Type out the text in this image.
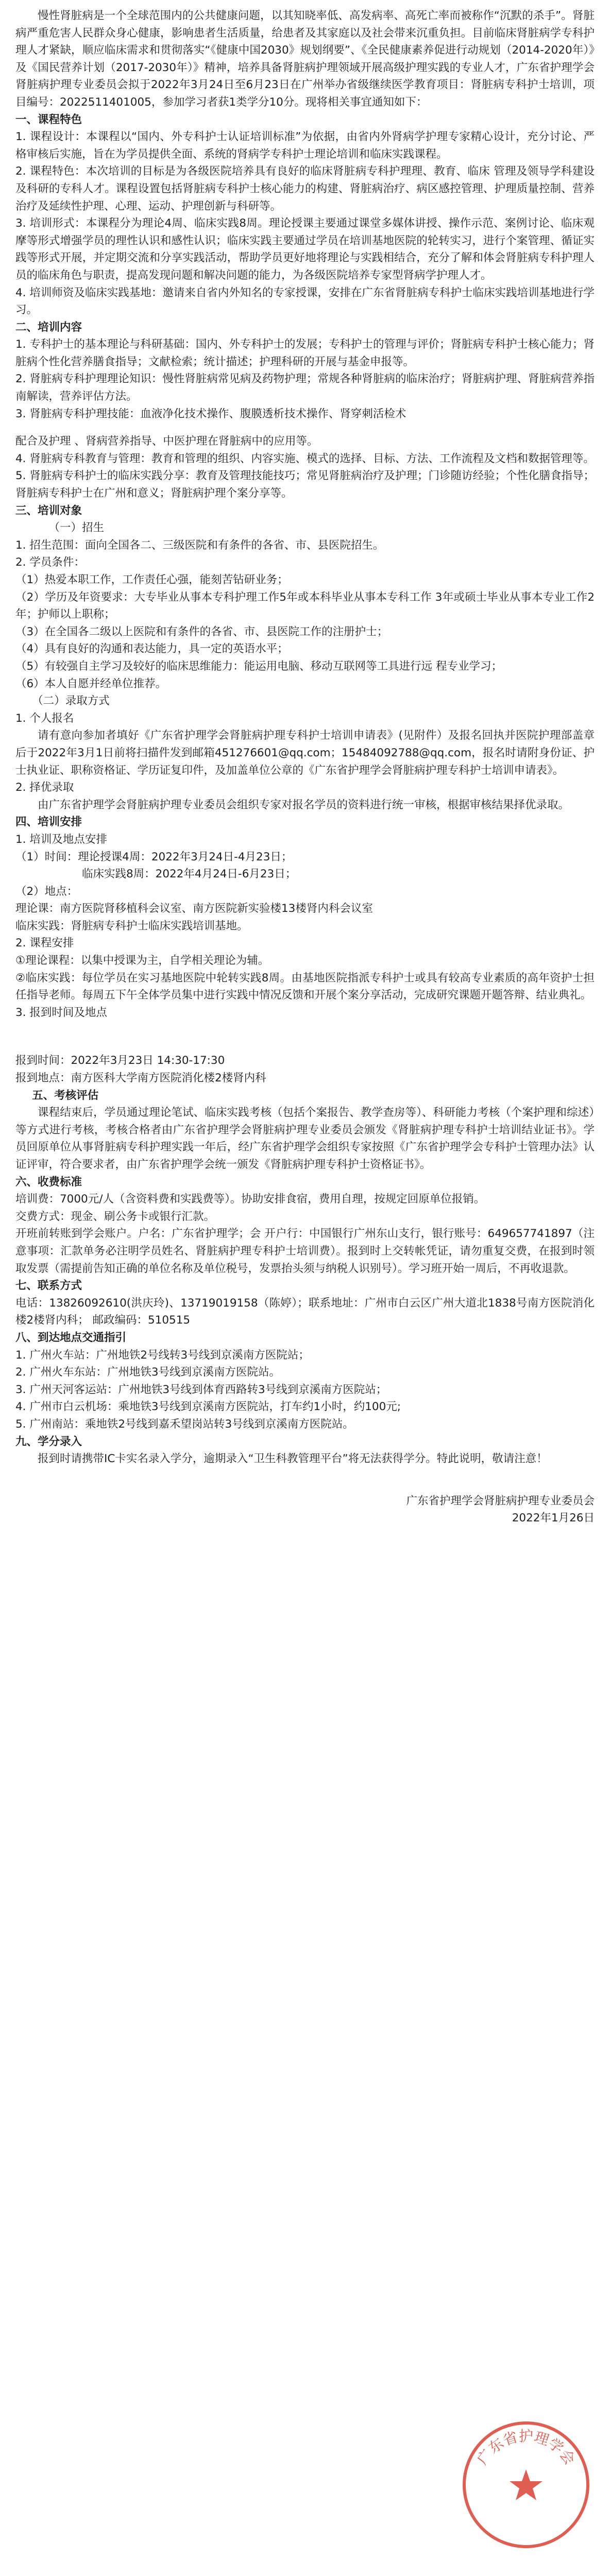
慢性肾脏病是一个全球范围内的公共健康问题，以其知晓率低、高发病率、高死亡率而被称作“沉默的杀手”。肾脏病严重危害人民群众身心健康，影响患者生活质量，给患者及其家庭以及社会带来沉重负担。目前临床肾脏病学专科护理人才紧缺，顺应临床需求和贯彻落实“《健康中国2030》规划纲要”、《全民健康素养促进行动规划（2014-2020年）》及《国民营养计划（2017-2030年）》精神，培养具备肾脏病护理领域开展高级护理实践的专业人才，广东省护理学会肾脏病护理专业委员会拟于2022年3月24日至6月23日在广州举办省级继续医学教育项目：肾脏病专科护士培训，项目编号：2022511401005，参加学习者获1类学分10分。现将相关事宜通知如下：

一、课程特色

1. 课程设计：本课程以“国内、外专科护士认证培训标准”为依据，由省内外肾病学护理专家精心设计，充分讨论、严格审核后实施，旨在为学员提供全面、系统的肾病学专科护士理论培训和临床实践课程。

2. 课程特色：本次培训的目标是为各级医院培养具有良好的临床肾脏病专科护理理、教育、临床 管理及领导学科建设及科研的专科人才。课程设置包括肾脏病专科护士核心能力的构建、肾脏病治疗、病区感控管理、护理质量控制、营养治疗及延续性护理、心理、运动、护理创新与科研等。

3. 培训形式：本课程分为理论4周、临床实践8周。理论授课主要通过课堂多媒体讲授、操作示范、案例讨论、临床观摩等形式增强学员的理性认识和感性认识；临床实践主要通过学员在培训基地医院的轮转实习，进行个案管理、循证实践等形式开展，并定期交流和分享实践活动，帮助学员更好地将理论与实践相结合，充分了解和体会肾脏病专科护理人员的临床角色与职责，提高发现问题和解决问题的能力，为各级医院培养专家型肾病学护理人才。

4. 培训师资及临床实践基地：邀请来自省内外知名的专家授课，安排在广东省肾脏病专科护士临床实践培训基地进行学习。

二、培训内容

1. 专科护士的基本理论与科研基础：国内、外专科护士的发展；专科护士的管理与评价；肾脏病专科护士核心能力；肾脏病个性化营养膳食指导；文献检索；统计描述；护理科研的开展与基金申报等。

2. 肾脏病专科护理理论知识：慢性肾脏病常见病及药物护理；常规各种肾脏病的临床治疗；肾脏病护理、肾脏病营养指南解读，营养评估方法。

3. 肾脏病专科护理技能：血液净化技术操作、腹膜透析技术操作、肾穿刺活检术

配合及护理 、肾病营养指导、中医护理在肾脏病中的应用等。

4. 肾脏病专科教育与管理：教育和管理的组织、内容实施、模式的选择、目标、方法、工作流程及文档和数据管理等。

5. 肾脏病专科护士的临床实践分享：教育及管理技能技巧；常见肾脏病治疗及护理；门诊随访经验；个性化膳食指导；肾脏病专科护士在广州和意义；肾脏病护理个案分享等。

三、培训对象

（一）招生

1. 招生范围：面向全国各二、三级医院和有条件的各省、市、县医院招生。

2. 学员条件：

（1）热爱本职工作，工作责任心强，能刻苦钻研业务；

（2）学历及年资要求：大专毕业从事本专科护理工作5年或本科毕业从事本专科工作 3年或硕士毕业从事本专业工作2年；护师以上职称；

（3）在全国各二级以上医院和有条件的各省、市、县医院工作的注册护士；

（4）具有良好的沟通和表达能力，具一定的英语水平；

（5）有较强自主学习及较好的临床思维能力：能运用电脑、移动互联网等工具进行远 程专业学习；

（6）本人自愿并经单位推荐。

（二）录取方式

1. 个人报名

请有意向参加者填好《广东省护理学会肾脏病护理专科护士培训申请表》(见附件）及报名回执并医院护理部盖章后于2022年3月1日前将扫描件发到邮箱451276601@qq.com；15484092788@qq.com，报名时请附身份证、护士执业证、职称资格证、学历证复印件，及加盖单位公章的《广东省护理学会肾脏病护理专科护士培训申请表》。

2. 择优录取

由广东省护理学会肾脏病护理专业委员会组织专家对报名学员的资料进行统一审核，根据审核结果择优录取。

四、培训安排

1. 培训及地点安排

（1）时间：理论授课4周：2022年3月24日-4月23日；

临床实践8周：2022年4月24日-6月23日；

（2）地点：

理论课：南方医院肾移植科会议室、南方医院新实验楼13楼肾内科会议室

临床实践：肾脏病专科护士临床实践培训基地。

2. 课程安排

①理论课程：以集中授课为主，自学相关理论为辅。

②临床实践：每位学员在实习基地医院中轮转实践8周。由基地医院指派专科护士或具有较高专业素质的高年资护士担任指导老师。每周五下午全体学员集中进行实践中情况反馈和开展个案分享活动，完成研究课题开题答辩、结业典礼。

3. 报到时间及地点

报到时间：2022年3月23日 14:30-17:30

报到地点：南方医科大学南方医院消化楼2楼肾内科

五、考核评估

课程结束后，学员通过理论笔试、临床实践考核（包括个案报告、教学查房等）、科研能力考核（个案护理和综述）等方式进行考核，考核合格者由广东省护理学会肾脏病护理专业委员会颁发《肾脏病护理专科护士培训结业证书》。学员回原单位从事肾脏病专科护理实践一年后，经广东省护理学会组织专家按照《广东省护理学会专科护士管理办法》认证评审，符合要求者，由广东省护理学会统一颁发《肾脏病护理专科护士资格证书》。

六、收费标准

培训费：7000元/人（含资料费和实践费等）。协助安排食宿，费用自理，按规定回原单位报销。

交费方式：现金、刷公务卡或银行汇款。

开班前转账到学会账户。户名：广东省护理学；会 开户行：中国银行广州东山支行，银行账号：649657741897（注意事项：汇款单务必注明学员姓名、肾脏病护理专科护士培训费）。报到时上交转帐凭证，请勿重复交费，在报到时领取发票（需提前告知正确的单位名称及单位税号，发票抬头须与纳税人识别号）。学习班开始一周后，不再收退款。

七、联系方式

电话：13826092610(洪庆玲)、13719019158（陈婷）；联系地址：广州市白云区广州大道北1838号南方医院消化楼2楼肾内科； 邮政编码：510515

八、到达地点交通指引

1. 广州火车站：广州地铁2号线转3号线到京溪南方医院站；

2. 广州火车东站：广州地铁3号线到京溪南方医院站。

3. 广州天河客运站：广州地铁3号线到体育西路转3号线到京溪南方医院站；

4. 广州市白云机场：乘地铁3号线到京溪南方医院站，打车约1小时，约100元;

5. 广州南站：乘地铁2号线到嘉禾望岗站转3号线到京溪南方医院站。

九、学分录入

报到时请携带IC卡实名录入学分，逾期录入“卫生科教管理平台”将无法获得学分。特此说明，敬请注意！

广东省护理学会肾脏病护理专业委员会

2022年1月26日

广东省护理学会
